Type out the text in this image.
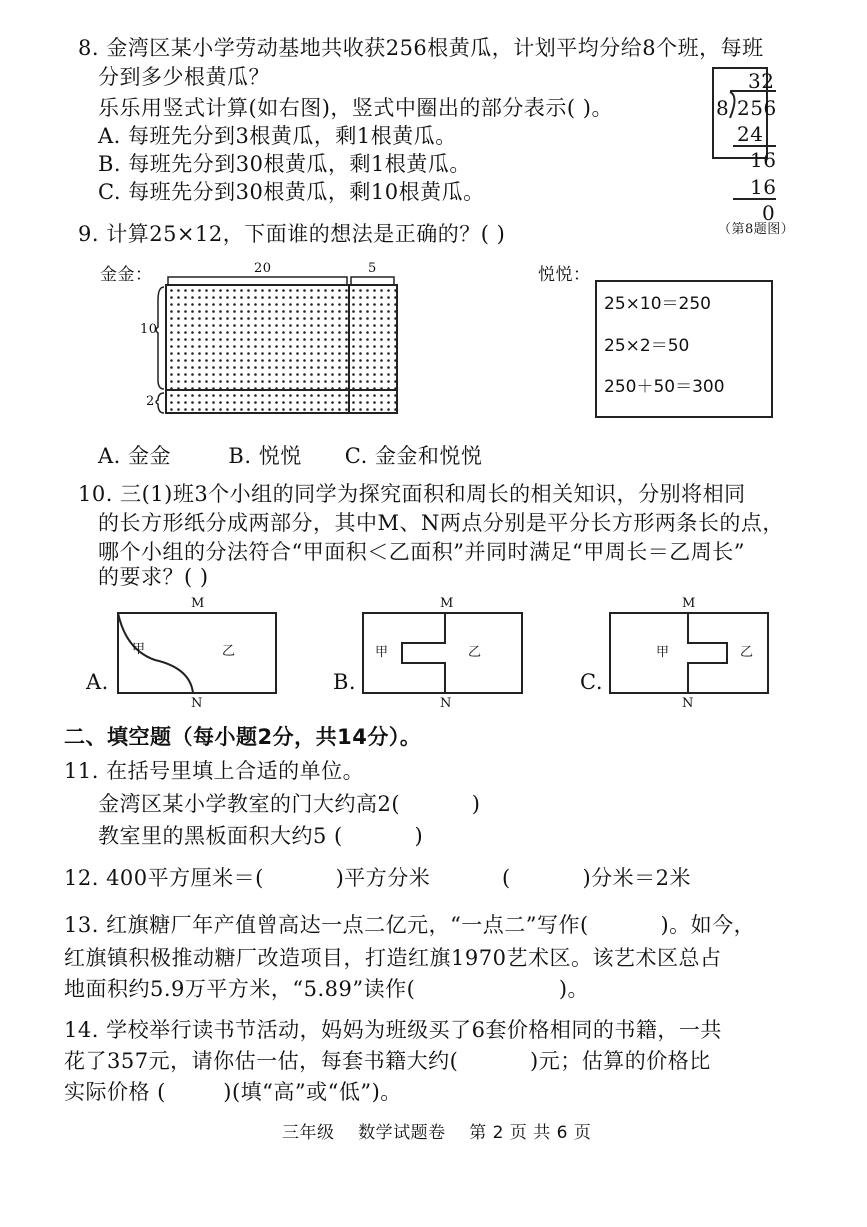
8. 金湾区某小学劳动基地共收获256根黄瓜，计划平均分给8个班，每班
分到多少根黄瓜？
乐乐用竖式计算(如右图)，竖式中圈出的部分表示( )。
A. 每班先分到3根黄瓜，剩1根黄瓜。
B. 每班先分到30根黄瓜，剩1根黄瓜。
C. 每班先分到30根黄瓜，剩10根黄瓜。
32
8 256
24
16
16
0
（第8题图）
9. 计算25×12，下面谁的想法是正确的？( )
金金：	20	5
10
2
悦悦：
25×10＝250
25×2＝50
250＋50＝300
A. 金金        B. 悦悦      C. 金金和悦悦
10. 三(1)班3个小组的同学为探究面积和周长的相关知识，分别将相同
的长方形纸分成两部分，其中M、N两点分别是平分长方形两条长的点，
哪个小组的分法符合“甲面积＜乙面积”并同时满足“甲周长＝乙周长”
的要求？( )
A.
M
N
甲	乙
B.
M
N
甲	乙
C.
M
N
甲	乙
二、填空题（每小题2分，共14分）。
11. 在括号里填上合适的单位。
金湾区某小学教室的门大约高2(          )
教室里的黑板面积大约5 (          )
12. 400平方厘米＝(          )平方分米          (          )分米＝2米
13. 红旗糖厂年产值曾高达一点二亿元，“一点二”写作(          )。如今，
红旗镇积极推动糖厂改造项目，打造红旗1970艺术区。该艺术区总占
地面积约5.9万平方米，“5.89”读作(                    )。
14. 学校举行读书节活动，妈妈为班级买了6套价格相同的书籍，一共
花了357元，请你估一估，每套书籍大约(          )元；估算的价格比
实际价格 (        )(填“高”或“低”)。
三年级    数学试题卷    第 2 页 共 6 页
